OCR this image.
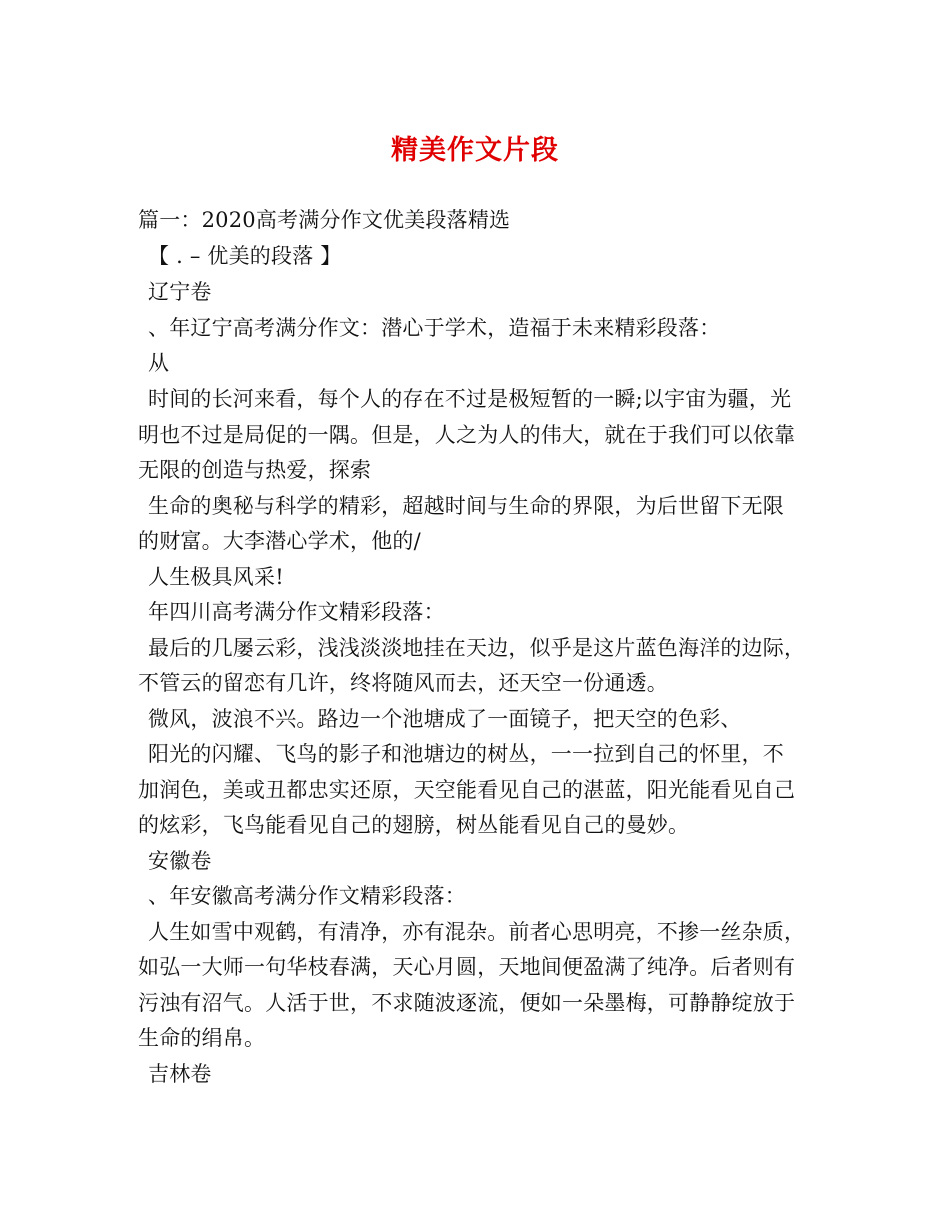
精美作文片段
篇一：2020高考满分作文优美段落精选
【 . – 优美的段落 】
辽宁卷
、年辽宁高考满分作文：潜心于学术，造福于未来精彩段落：
从
时间的长河来看，每个人的存在不过是极短暂的一瞬;以宇宙为疆，光
明也不过是局促的一隅。但是，人之为人的伟大，就在于我们可以依靠
无限的创造与热爱，探索
生命的奥秘与科学的精彩，超越时间与生命的界限，为后世留下无限
的财富。大李潜心学术，他的/
人生极具风采!
年四川高考满分作文精彩段落：
最后的几屡云彩，浅浅淡淡地挂在天边，似乎是这片蓝色海洋的边际，
不管云的留恋有几许，终将随风而去，还天空一份通透。
微风，波浪不兴。路边一个池塘成了一面镜子，把天空的色彩、
阳光的闪耀、飞鸟的影子和池塘边的树丛，一一拉到自己的怀里，不
加润色，美或丑都忠实还原，天空能看见自己的湛蓝，阳光能看见自己
的炫彩，飞鸟能看见自己的翅膀，树丛能看见自己的曼妙。
安徽卷
、年安徽高考满分作文精彩段落：
人生如雪中观鹤，有清净，亦有混杂。前者心思明亮，不掺一丝杂质，
如弘一大师一句华枝春满，天心月圆，天地间便盈满了纯净。后者则有
污浊有沼气。人活于世，不求随波逐流，便如一朵墨梅，可静静绽放于
生命的绢帛。
吉林卷
